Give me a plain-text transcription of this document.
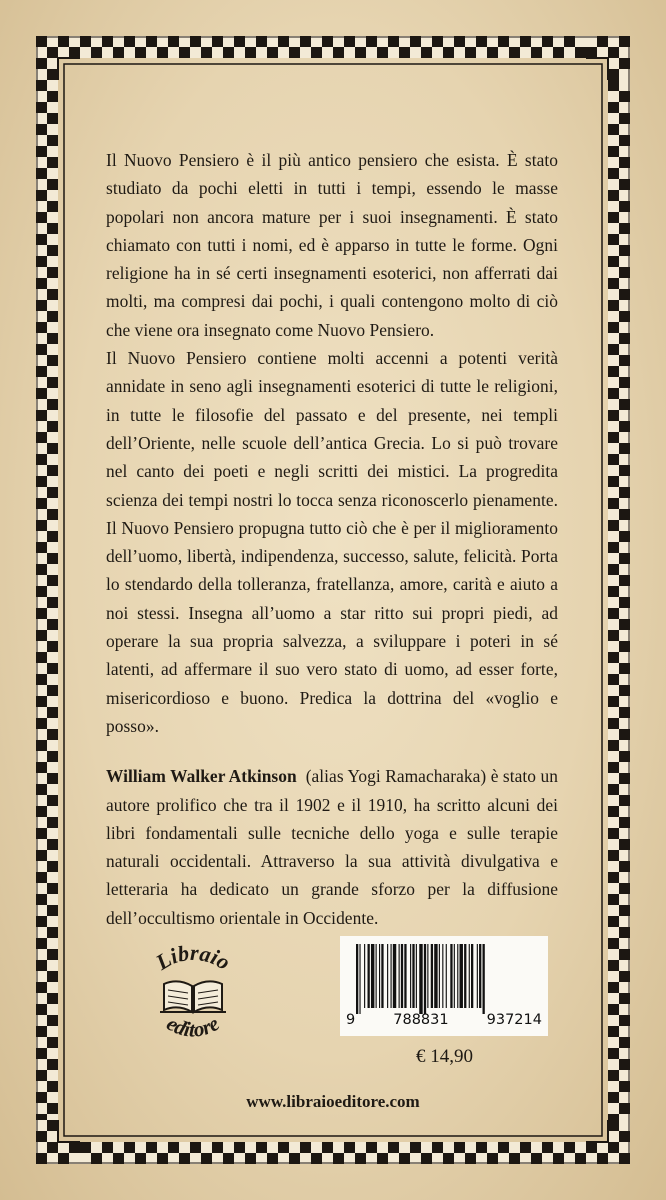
Il Nuovo Pensiero è il più antico pensiero che esista. È stato studiato da pochi eletti in tutti i tempi, essendo le masse popolari non ancora mature per i suoi insegnamenti. È stato chiamato con tutti i nomi, ed è apparso in tutte le forme. Ogni religione ha in sé certi insegnamenti esoterici, non afferrati dai molti, ma compresi dai pochi, i quali contengono molto di ciò che viene ora insegnato come Nuovo Pensiero.

Il Nuovo Pensiero contiene molti accenni a potenti verità annidate in seno agli insegnamenti esoterici di tutte le religioni, in tutte le filosofie del passato e del presente, nei templi dell’Oriente, nelle scuole dell’antica Grecia. Lo si può trovare nel canto dei poeti e negli scritti dei mistici. La progredita scienza dei tempi nostri lo tocca senza riconoscerlo pienamente. Il Nuovo Pensiero propugna tutto ciò che è per il miglioramento dell’uomo, libertà, indipendenza, successo, salute, felicità. Porta lo stendardo della tolleranza, fratellanza, amore, carità e aiuto a noi stessi. Insegna all’uomo a star ritto sui propri piedi, ad operare la sua propria salvezza, a sviluppare i poteri in sé latenti, ad affermare il suo vero stato di uomo, ad esser forte, misericordioso e buono. Predica la dottrina del «voglio e posso».

William Walker Atkinson (alias Yogi Ramacharaka) è stato un autore prolifico che tra il 1902 e il 1910, ha scritto alcuni dei libri fondamentali sulle tecniche dello yoga e sulle terapie naturali occidentali. Attraverso la sua attività divulgativa e letteraria ha dedicato un grande sforzo per la diffusione dell’occultismo orientale in Occidente.

Libraio
editore	9	788831	937214
€ 14,90
www.libraioeditore.com
